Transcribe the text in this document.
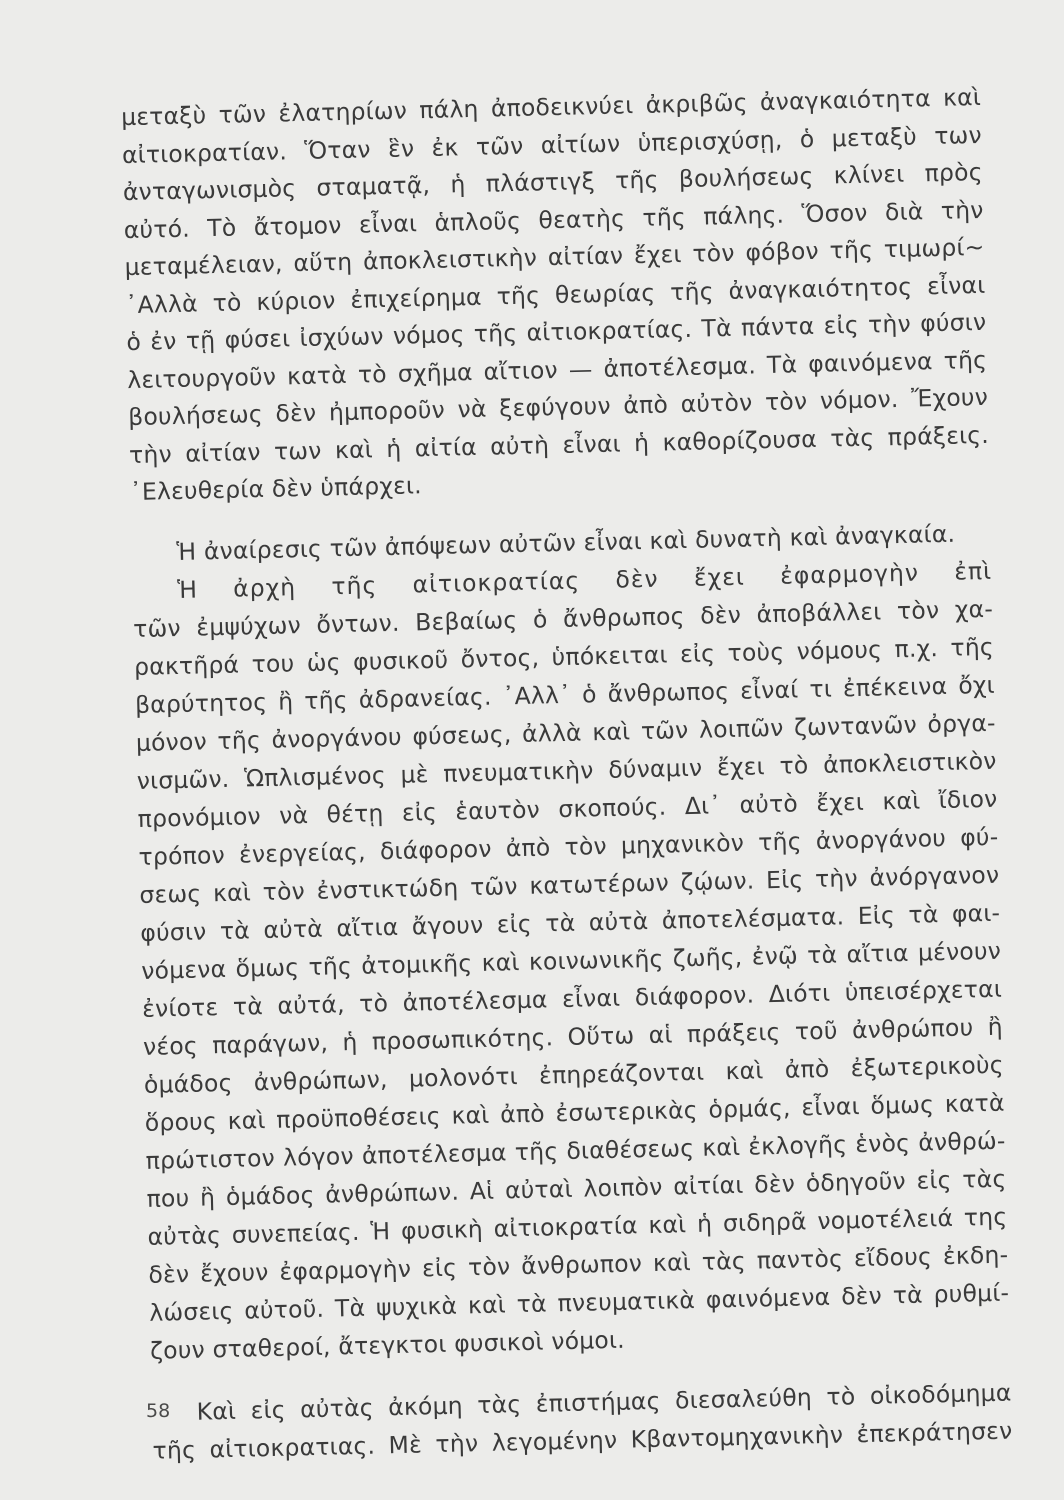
μεταξὺ τῶν ἐλατηρίων πάλη ἀποδεικνύει ἀκριβῶς ἀναγκαιότητα καὶ
αἰτιοκρατίαν. Ὅταν ἓν ἐκ τῶν αἰτίων ὑπερισχύσῃ, ὁ μεταξὺ των
ἀνταγωνισμὸς σταματᾷ, ἡ πλάστιγξ τῆς βουλήσεως κλίνει πρὸς
αὐτό. Τὸ ἄτομον εἶναι ἁπλοῦς θεατὴς τῆς πάλης. Ὅσον διὰ τὴν
μεταμέλειαν, αὕτη ἀποκλειστικὴν αἰτίαν ἔχει τὸν φόβον τῆς τιμωρί~
᾿Αλλὰ τὸ κύριον ἐπιχείρημα τῆς θεωρίας τῆς ἀναγκαιότητος εἶναι
ὁ ἐν τῇ φύσει ἰσχύων νόμος τῆς αἰτιοκρατίας. Τὰ πάντα εἰς τὴν φύσιν
λειτουργοῦν κατὰ τὸ σχῆμα αἴτιον — ἀποτέλεσμα. Τὰ φαινόμενα τῆς
βουλήσεως δὲν ἠμποροῦν νὰ ξεφύγουν ἀπὸ αὐτὸν τὸν νόμον. Ἔχουν
τὴν αἰτίαν των καὶ ἡ αἰτία αὐτὴ εἶναι ἡ καθορίζουσα τὰς πράξεις.
᾿Ελευθερία δὲν ὑπάρχει.
Ἡ ἀναίρεσις τῶν ἀπόψεων αὐτῶν εἶναι καὶ δυνατὴ καὶ ἀναγκαία.
Ἡ ἀρχὴ τῆς αἰτιοκρατίας δὲν ἔχει ἐφαρμογὴν ἐπὶ
τῶν ἐμψύχων ὄντων. Βεβαίως ὁ ἄνθρωπος δὲν ἀποβάλλει τὸν χα-
ρακτῆρά του ὡς φυσικοῦ ὄντος, ὑπόκειται εἰς τοὺς νόμους π.χ. τῆς
βαρύτητος ἢ τῆς ἀδρανείας. ᾿Αλλ᾿ ὁ ἄνθρωπος εἶναί τι ἐπέκεινα ὄχι
μόνον τῆς ἀνοργάνου φύσεως, ἀλλὰ καὶ τῶν λοιπῶν ζωντανῶν ὀργα-
νισμῶν. Ὡπλισμένος μὲ πνευματικὴν δύναμιν ἔχει τὸ ἀποκλειστικὸν
προνόμιον νὰ θέτῃ εἰς ἑαυτὸν σκοπούς. Δι᾿ αὐτὸ ἔχει καὶ ἴδιον
τρόπον ἐνεργείας, διάφορον ἀπὸ τὸν μηχανικὸν τῆς ἀνοργάνου φύ-
σεως καὶ τὸν ἐνστικτώδη τῶν κατωτέρων ζῴων. Εἰς τὴν ἀνόργανον
φύσιν τὰ αὐτὰ αἴτια ἄγουν εἰς τὰ αὐτὰ ἀποτελέσματα. Εἰς τὰ φαι-
νόμενα ὅμως τῆς ἀτομικῆς καὶ κοινωνικῆς ζωῆς, ἐνῷ τὰ αἴτια μένουν
ἐνίοτε τὰ αὐτά, τὸ ἀποτέλεσμα εἶναι διάφορον. Διότι ὑπεισέρχεται
νέος παράγων, ἡ προσωπικότης. Οὕτω αἱ πράξεις τοῦ ἀνθρώπου ἢ
ὁμάδος ἀνθρώπων, μολονότι ἐπηρεάζονται καὶ ἀπὸ ἐξωτερικοὺς
ὅρους καὶ προϋποθέσεις καὶ ἀπὸ ἐσωτερικὰς ὁρμάς, εἶναι ὅμως κατὰ
πρώτιστον λόγον ἀποτέλεσμα τῆς διαθέσεως καὶ ἐκλογῆς ἑνὸς ἀνθρώ-
που ἢ ὁμάδος ἀνθρώπων. Αἱ αὐταὶ λοιπὸν αἰτίαι δὲν ὁδηγοῦν εἰς τὰς
αὐτὰς συνεπείας. Ἡ φυσικὴ αἰτιοκρατία καὶ ἡ σιδηρᾶ νομοτέλειά της
δὲν ἔχουν ἐφαρμογὴν εἰς τὸν ἄνθρωπον καὶ τὰς παντὸς εἴδους ἐκδη-
λώσεις αὐτοῦ. Τὰ ψυχικὰ καὶ τὰ πνευματικὰ φαινόμενα δὲν τὰ ρυθμί-
ζουν σταθεροί, ἄτεγκτοι φυσικοὶ νόμοι.
Καὶ εἰς αὐτὰς ἀκόμη τὰς ἐπιστήμας διεσαλεύθη τὸ οἰκοδόμημα
τῆς αἰτιοκρατιας. Μὲ τὴν λεγομένην Κβαντομηχανικὴν ἐπεκράτησεν
58
